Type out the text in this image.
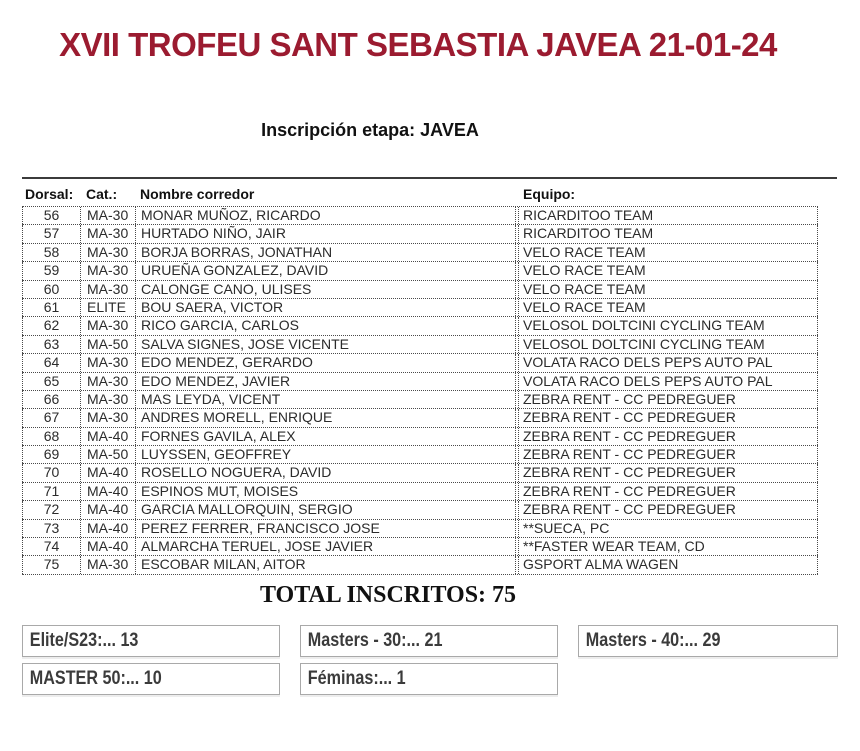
XVII TROFEU SANT SEBASTIA JAVEA 21-01-24
Inscripción etapa: JAVEA
Dorsal: Cat.:	Nombre corredor	Equipo:
56	MA-30 MONAR MUÑOZ, RICARDO	RICARDITOO TEAM
57	MA-30 HURTADO NIÑO, JAIR	RICARDITOO TEAM
58	MA-30 BORJA BORRAS, JONATHAN	VELO RACE TEAM
59	MA-30 URUEÑA GONZALEZ, DAVID	VELO RACE TEAM
60	MA-30 CALONGE CANO, ULISES	VELO RACE TEAM
61	ELITE	BOU SAERA, VICTOR	VELO RACE TEAM
62	MA-30 RICO GARCIA, CARLOS	VELOSOL DOLTCINI CYCLING TEAM
63	MA-50 SALVA SIGNES, JOSE VICENTE	VELOSOL DOLTCINI CYCLING TEAM
64	MA-30 EDO MENDEZ, GERARDO	VOLATA RACO DELS PEPS AUTO PAL
65	MA-30 EDO MENDEZ, JAVIER	VOLATA RACO DELS PEPS AUTO PAL
66	MA-30 MAS LEYDA, VICENT	ZEBRA RENT - CC PEDREGUER
67	MA-30 ANDRES MORELL, ENRIQUE	ZEBRA RENT - CC PEDREGUER
68	MA-40 FORNES GAVILA, ALEX	ZEBRA RENT - CC PEDREGUER
69	MA-50 LUYSSEN, GEOFFREY	ZEBRA RENT - CC PEDREGUER
70	MA-40 ROSELLO NOGUERA, DAVID	ZEBRA RENT - CC PEDREGUER
71	MA-40 ESPINOS MUT, MOISES	ZEBRA RENT - CC PEDREGUER
72	MA-40 GARCIA MALLORQUIN, SERGIO	ZEBRA RENT - CC PEDREGUER
73	MA-40 PEREZ FERRER, FRANCISCO JOSE	**SUECA, PC
74	MA-40 ALMARCHA TERUEL, JOSE JAVIER	**FASTER WEAR TEAM, CD
75	MA-30 ESCOBAR MILAN, AITOR	GSPORT ALMA WAGEN
TOTAL INSCRITOS: 75
Elite/S23:... 13	Masters - 30:... 21	Masters - 40:... 29
MASTER 50:... 10	Féminas:... 1
